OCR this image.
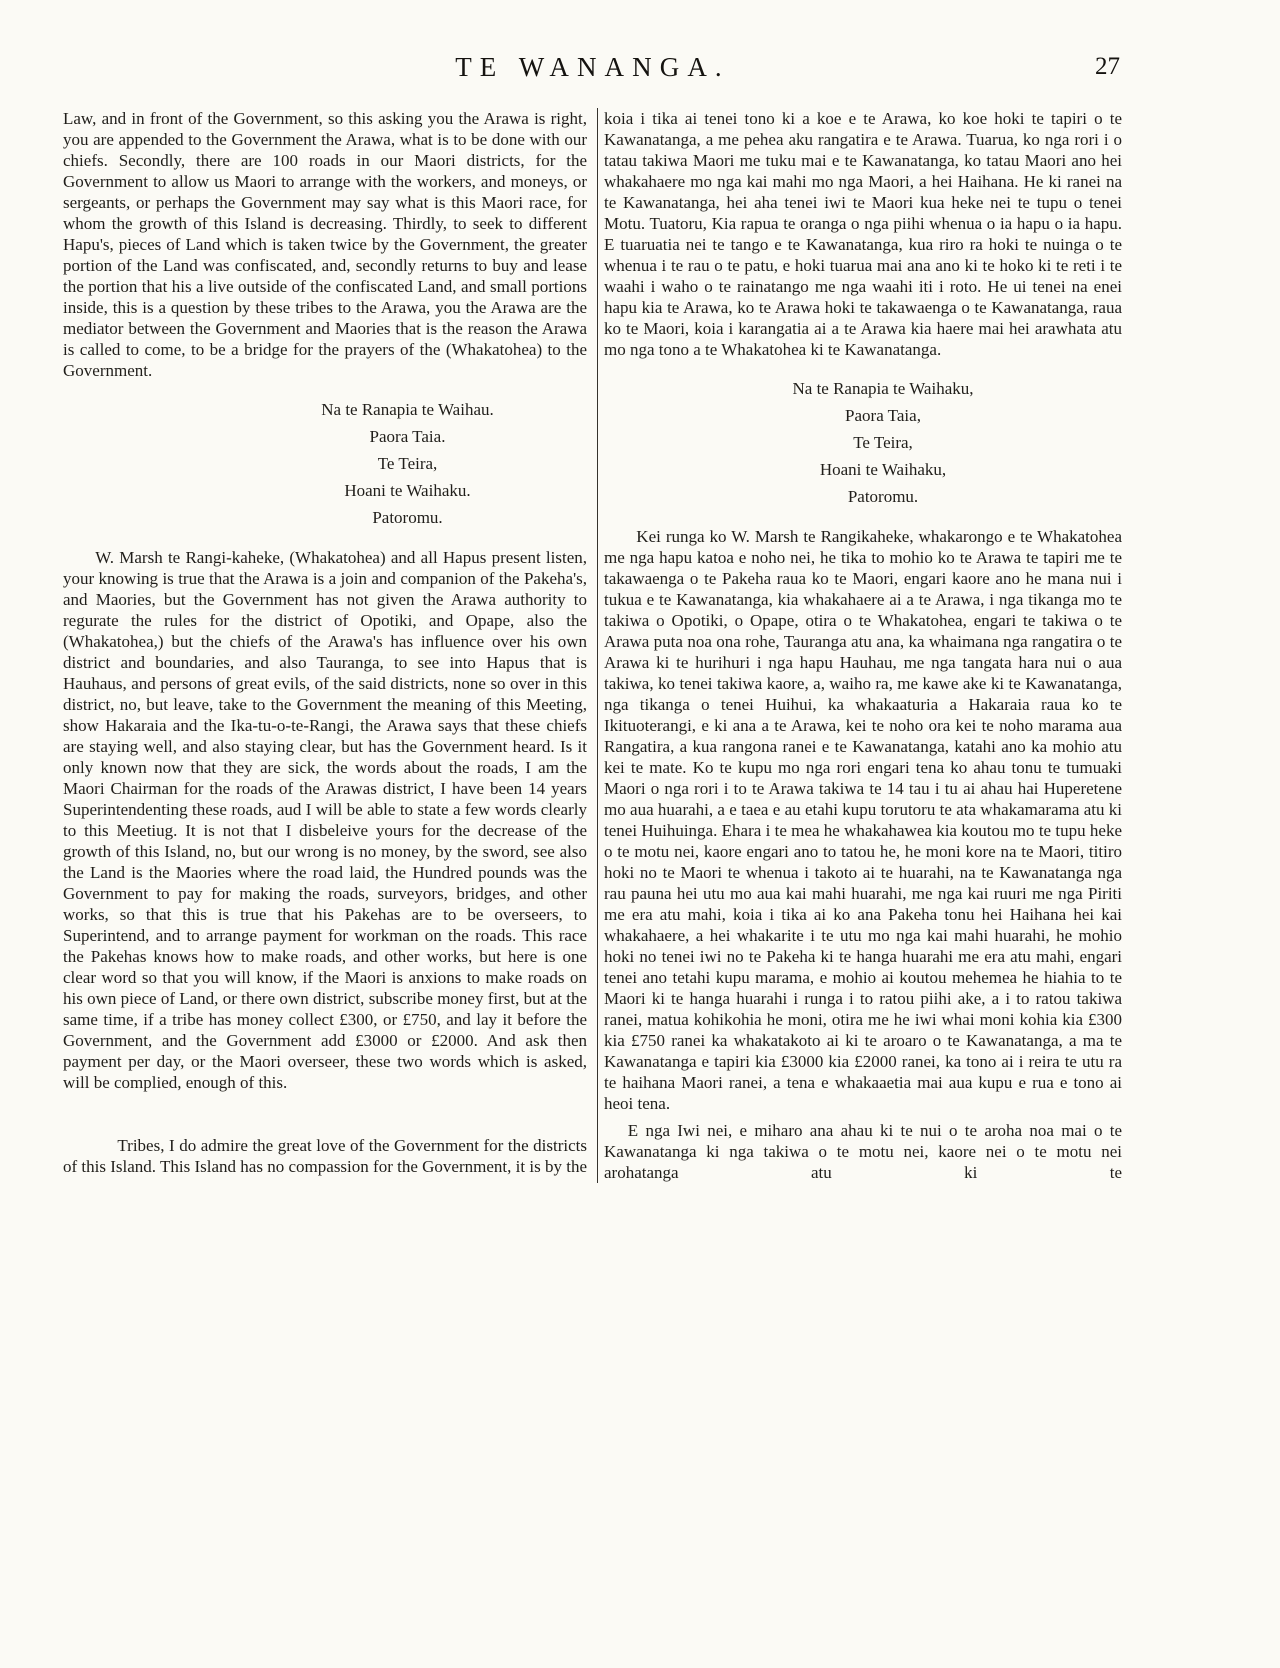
TE WANANGA.	27

Law, and in front of the Government, so this asking you the Arawa is right, you are appended to the Government the Arawa, what is to be done with our chiefs. Secondly, there are 100 roads in our Maori districts, for the Government to allow us Maori to arrange with the workers, and moneys, or sergeants, or perhaps the Government may say what is this Maori race, for whom the growth of this Island is decreasing. Thirdly, to seek to different Hapu's, pieces of Land which is taken twice by the Government, the greater portion of the Land was confiscated, and, secondly returns to buy and lease the portion that his a live outside of the confiscated Land, and small portions inside, this is a question by these tribes to the Arawa, you the Arawa are the mediator between the Government and Maories that is the reason the Arawa is called to come, to be a bridge for the prayers of the (Whakatohea) to the Government.

Na te Ranapia te Waihau.
Paora Taia.
Te Teira,
Hoani te Waihaku.
Patoromu.

W. Marsh te Rangi-kaheke, (Whakatohea) and all Hapus present listen, your knowing is true that the Arawa is a join and companion of the Pakeha's, and Maories, but the Government has not given the Arawa authority to regurate the rules for the district of Opotiki, and Opape, also the (Whakatohea,) but the chiefs of the Arawa's has influence over his own district and boundaries, and also Tauranga, to see into Hapus that is Hauhaus, and persons of great evils, of the said districts, none so over in this district, no, but leave, take to the Government the meaning of this Meeting, show Hakaraia and the Ika-tu-o-te-Rangi, the Arawa says that these chiefs are staying well, and also staying clear, but has the Government heard. Is it only known now that they are sick, the words about the roads, I am the Maori Chairman for the roads of the Arawas district, I have been 14 years Superintendenting these roads, aud I will be able to state a few words clearly to this Meetiug. It is not that I disbeleive yours for the decrease of the growth of this Island, no, but our wrong is no money, by the sword, see also the Land is the Maories where the road laid, the Hundred pounds was the Government to pay for making the roads, surveyors, bridges, and other works, so that this is true that his Pakehas are to be overseers, to Superintend, and to arrange payment for workman on the roads. This race the Pakehas knows how to make roads, and other works, but here is one clear word so that you will know, if the Maori is anxions to make roads on his own piece of Land, or there own district, subscribe money first, but at the same time, if a tribe has money collect £300, or £750, and lay it before the Government, and the Government add £3000 or £2000. And ask then payment per day, or the Maori overseer, these two words which is asked, will be complied, enough of this.

Tribes, I do admire the great love of the Government for the districts of this Island. This Island has no compassion for the Government, it is by the

koia i tika ai tenei tono ki a koe e te Arawa, ko koe hoki te tapiri o te Kawanatanga, a me pehea aku rangatira e te Arawa. Tuarua, ko nga rori i o tatau takiwa Maori me tuku mai e te Kawanatanga, ko tatau Maori ano hei whakahaere mo nga kai mahi mo nga Maori, a hei Haihana. He ki ranei na te Kawanatanga, hei aha tenei iwi te Maori kua heke nei te tupu o tenei Motu. Tuatoru, Kia rapua te oranga o nga piihi whenua o ia hapu o ia hapu. E tuaruatia nei te tango e te Kawanatanga, kua riro ra hoki te nuinga o te whenua i te rau o te patu, e hoki tuarua mai ana ano ki te hoko ki te reti i te waahi i waho o te rainatango me nga waahi iti i roto. He ui tenei na enei hapu kia te Arawa, ko te Arawa hoki te takawaenga o te Kawanatanga, raua ko te Maori, koia i karangatia ai a te Arawa kia haere mai hei arawhata atu mo nga tono a te Whakatohea ki te Kawanatanga.

Na te Ranapia te Waihaku,
Paora Taia,
Te Teira,
Hoani te Waihaku,
Patoromu.

Kei runga ko W. Marsh te Rangikaheke, whakarongo e te Whakatohea me nga hapu katoa e noho nei, he tika to mohio ko te Arawa te tapiri me te takawaenga o te Pakeha raua ko te Maori, engari kaore ano he mana nui i tukua e te Kawanatanga, kia whakahaere ai a te Arawa, i nga tikanga mo te takiwa o Opotiki, o Opape, otira o te Whakatohea, engari te takiwa o te Arawa puta noa ona rohe, Tauranga atu ana, ka whaimana nga rangatira o te Arawa ki te hurihuri i nga hapu Hauhau, me nga tangata hara nui o aua takiwa, ko tenei takiwa kaore, a, waiho ra, me kawe ake ki te Kawanatanga, nga tikanga o tenei Huihui, ka whakaaturia a Hakaraia raua ko te Ikituoterangi, e ki ana a te Arawa, kei te noho ora kei te noho marama aua Rangatira, a kua rangona ranei e te Kawanatanga, katahi ano ka mohio atu kei te mate. Ko te kupu mo nga rori engari tena ko ahau tonu te tumuaki Maori o nga rori i to te Arawa takiwa te 14 tau i tu ai ahau hai Huperetene mo aua huarahi, a e taea e au etahi kupu torutoru te ata whakamarama atu ki tenei Huihuinga. Ehara i te mea he whakahawea kia koutou mo te tupu heke o te motu nei, kaore engari ano to tatou he, he moni kore na te Maori, titiro hoki no te Maori te whenua i takoto ai te huarahi, na te Kawanatanga nga rau pauna hei utu mo aua kai mahi huarahi, me nga kai ruuri me nga Piriti me era atu mahi, koia i tika ai ko ana Pakeha tonu hei Haihana hei kai whakahaere, a hei whakarite i te utu mo nga kai mahi huarahi, he mohio hoki no tenei iwi no te Pakeha ki te hanga huarahi me era atu mahi, engari tenei ano tetahi kupu marama, e mohio ai koutou mehemea he hiahia to te Maori ki te hanga huarahi i runga i to ratou piihi ake, a i to ratou takiwa ranei, matua kohikohia he moni, otira me he iwi whai moni kohia kia £300 kia £750 ranei ka whakatakoto ai ki te aroaro o te Kawanatanga, a ma te Kawanatanga e tapiri kia £3000 kia £2000 ranei, ka tono ai i reira te utu ra te haihana Maori ranei, a tena e whakaaetia mai aua kupu e rua e tono ai heoi tena.

E nga Iwi nei, e miharo ana ahau ki te nui o te aroha noa mai o te Kawanatanga ki nga takiwa o te motu nei, kaore nei o te motu nei arohatanga atu ki te
